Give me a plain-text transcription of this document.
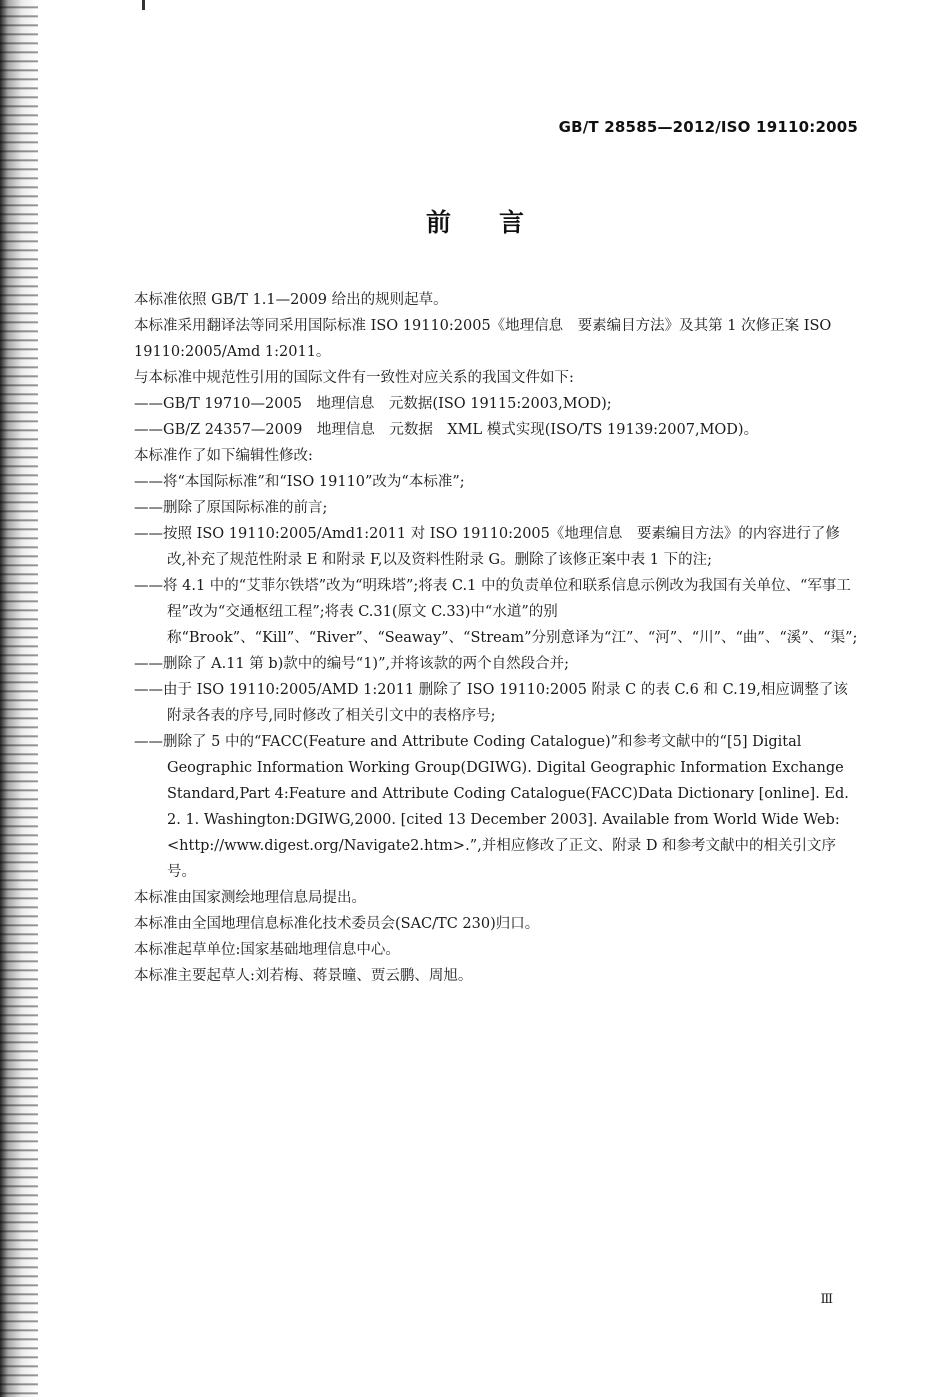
GB/T 28585—2012/ISO 19110:2005
前言

本标准依照 GB/T 1.1—2009 给出的规则起草。

本标准采用翻译法等同采用国际标准 ISO 19110:2005《地理信息　要素编目方法》及其第 1 次修正案 ISO 19110:2005/Amd 1:2011。

与本标准中规范性引用的国际文件有一致性对应关系的我国文件如下:

——GB/T 19710—2005　地理信息　元数据(ISO 19115:2003,MOD);

——GB/Z 24357—2009　地理信息　元数据　XML 模式实现(ISO/TS 19139:2007,MOD)。

本标准作了如下编辑性修改:

——将“本国际标准”和“ISO 19110”改为“本标准”;

——删除了原国际标准的前言;

——按照 ISO 19110:2005/Amd1:2011 对 ISO 19110:2005《地理信息　要素编目方法》的内容进行了修改,补充了规范性附录 E 和附录 F,以及资料性附录 G。删除了该修正案中表 1 下的注;

——将 4.1 中的“艾菲尔铁塔”改为“明珠塔”;将表 C.1 中的负责单位和联系信息示例改为我国有关单位、“军事工程”改为“交通枢纽工程”;将表 C.31(原文 C.33)中“水道”的别称“Brook”、“Kill”、“River”、“Seaway”、“Stream”分别意译为“江”、“河”、“川”、“曲”、“溪”、“渠”;

——删除了 A.11 第 b)款中的编号“1)”,并将该款的两个自然段合并;

——由于 ISO 19110:2005/AMD 1:2011 删除了 ISO 19110:2005 附录 C 的表 C.6 和 C.19,相应调整了该附录各表的序号,同时修改了相关引文中的表格序号;

——删除了 5 中的“FACC(Feature and Attribute Coding Catalogue)”和参考文献中的“[5] Digital Geographic Information Working Group(DGIWG). Digital Geographic Information Exchange Standard,Part 4:Feature and Attribute Coding Catalogue(FACC)Data Dictionary [online]. Ed. 2. 1. Washington:DGIWG,2000. [cited 13 December 2003]. Available from World Wide Web:<http://www.digest.org/Navigate2.htm>.”,并相应修改了正文、附录 D 和参考文献中的相关引文序号。

本标准由国家测绘地理信息局提出。

本标准由全国地理信息标准化技术委员会(SAC/TC 230)归口。

本标准起草单位:国家基础地理信息中心。

本标准主要起草人:刘若梅、蒋景曈、贾云鹏、周旭。

Ⅲ
